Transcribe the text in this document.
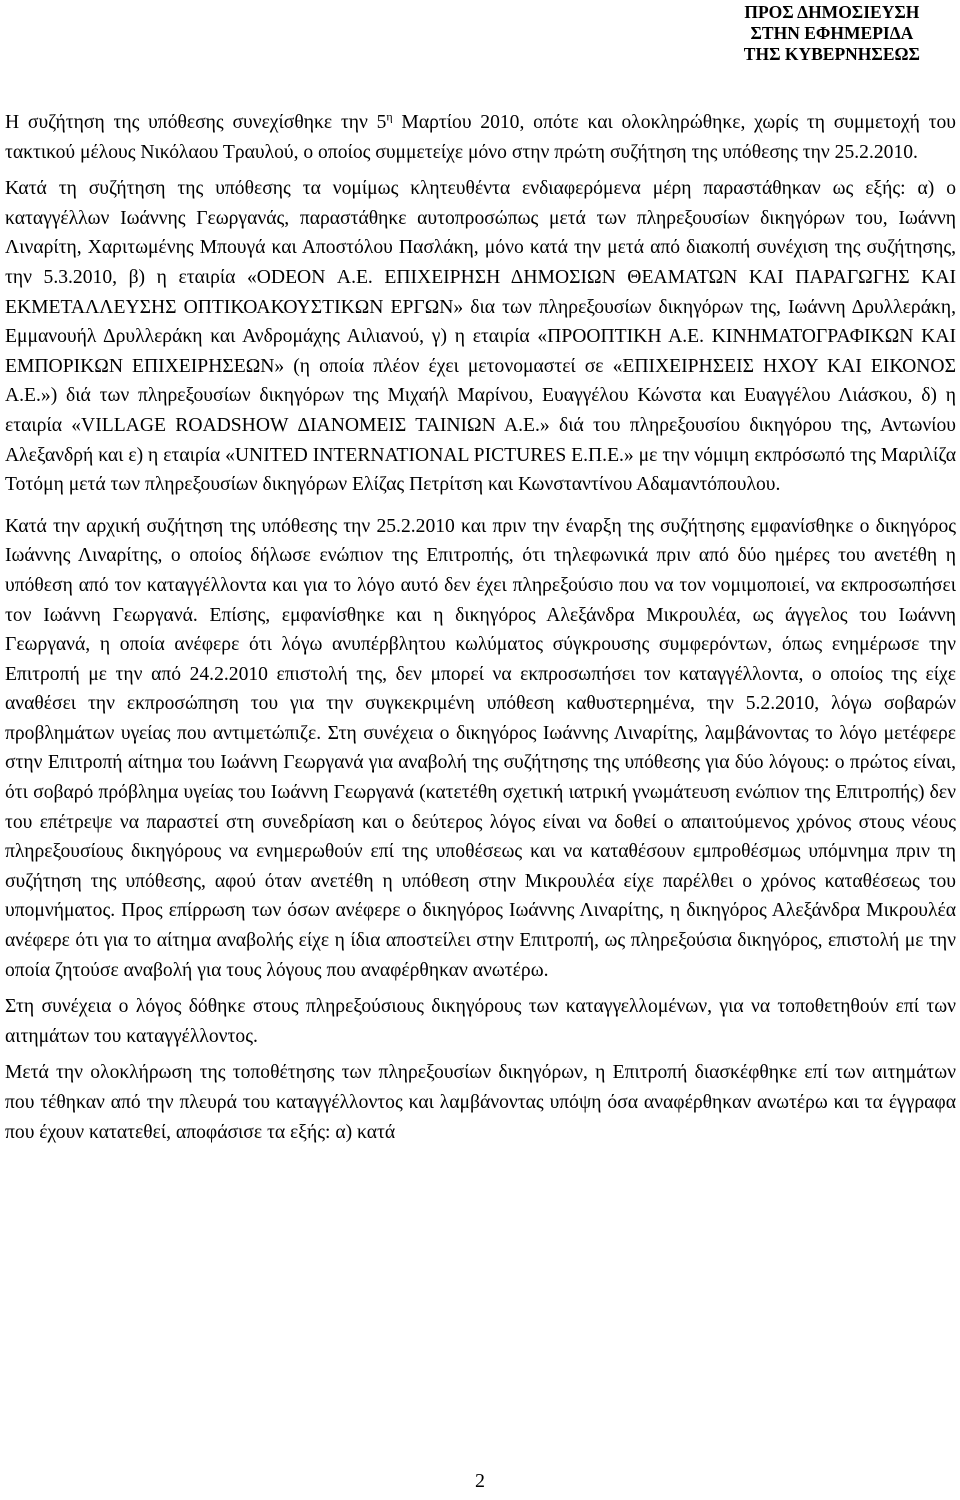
ΠΡΟΣ ΔΗΜΟΣΙΕΥΣΗ
ΣΤΗΝ ΕΦΗΜΕΡΙΔΑ
ΤΗΣ ΚΥΒΕΡΝΗΣΕΩΣ

Η συζήτηση της υπόθεσης συνεχίσθηκε την $5^\eta$ Μαρτίου 2010, οπότε και ολοκληρώθηκε, χωρίς τη συμμετοχή του τακτικού μέλους Νικόλαου Τραυλού, ο οποίος συμμετείχε μόνο στην πρώτη συζήτηση της υπόθεσης την 25.2.2010.

Κατά τη συζήτηση της υπόθεσης τα νομίμως κλητευθέντα ενδιαφερόμενα μέρη παραστάθηκαν ως εξής: α) ο καταγγέλλων Ιωάννης Γεωργανάς, παραστάθηκε αυτοπροσώπως μετά των πληρεξουσίων δικηγόρων του, Ιωάννη Λιναρίτη, Χαριτωμένης Μπουγά και Αποστόλου Πασλάκη, μόνο κατά την μετά από διακοπή συνέχιση της συζήτησης, την 5.3.2010, β) η εταιρία «ODEON Α.Ε. ΕΠΙΧΕΙΡΗΣΗ ΔΗΜΟΣΙΩΝ ΘΕΑΜΑΤΩΝ ΚΑΙ ΠΑΡΑΓΩΓΗΣ ΚΑΙ ΕΚΜΕΤΑΛΛΕΥΣΗΣ ΟΠΤΙΚΟΑΚΟΥΣΤΙΚΩΝ ΕΡΓΩΝ» δια των πληρεξουσίων δικηγόρων της, Ιωάννη Δρυλλεράκη, Εμμανουήλ Δρυλλεράκη και Ανδρομάχης Αιλιανού, γ) η εταιρία «ΠΡΟΟΠΤΙΚΗ Α.Ε. ΚΙΝΗΜΑΤΟΓΡΑΦΙΚΩΝ ΚΑΙ ΕΜΠΟΡΙΚΩΝ ΕΠΙΧΕΙΡΗΣΕΩΝ» (η οποία πλέον έχει μετονομαστεί σε «ΕΠΙΧΕΙΡΗΣΕΙΣ ΗΧΟΥ ΚΑΙ ΕΙΚΟΝΟΣ Α.Ε.») διά των πληρεξουσίων δικηγόρων της Μιχαήλ Μαρίνου, Ευαγγέλου Κώνστα και Ευαγγέλου Λιάσκου, δ) η εταιρία «VILLAGE ROADSHOW ΔΙΑΝΟΜΕΙΣ ΤΑΙΝΙΩΝ Α.Ε.» διά του πληρεξουσίου δικηγόρου της, Αντωνίου Αλεξανδρή και ε) η εταιρία «UNITED INTERNATIONAL PICTURES Ε.Π.Ε.» με την νόμιμη εκπρόσωπό της Μαριλίζα Τοτόμη μετά των πληρεξουσίων δικηγόρων Ελίζας Πετρίτση και Κωνσταντίνου Αδαμαντόπουλου.

Κατά την αρχική συζήτηση της υπόθεσης την 25.2.2010 και πριν την έναρξη της συζήτησης εμφανίσθηκε ο δικηγόρος Ιωάννης Λιναρίτης, ο οποίος δήλωσε ενώπιον της Επιτροπής, ότι τηλεφωνικά πριν από δύο ημέρες του ανετέθη η υπόθεση από τον καταγγέλλοντα και για το λόγο αυτό δεν έχει πληρεξούσιο που να τον νομιμοποιεί, να εκπροσωπήσει τον Ιωάννη Γεωργανά. Επίσης, εμφανίσθηκε και η δικηγόρος Αλεξάνδρα Μικρουλέα, ως άγγελος του Ιωάννη Γεωργανά, η οποία ανέφερε ότι λόγω ανυπέρβλητου κωλύματος σύγκρουσης συμφερόντων, όπως ενημέρωσε την Επιτροπή με την από 24.2.2010 επιστολή της, δεν μπορεί να εκπροσωπήσει τον καταγγέλλοντα, ο οποίος της είχε αναθέσει την εκπροσώπηση του για την συγκεκριμένη υπόθεση καθυστερημένα, την 5.2.2010, λόγω σοβαρών προβλημάτων υγείας που αντιμετώπιζε. Στη συνέχεια ο δικηγόρος Ιωάννης Λιναρίτης, λαμβάνοντας το λόγο μετέφερε στην Επιτροπή αίτημα του Ιωάννη Γεωργανά για αναβολή της συζήτησης της υπόθεσης για δύο λόγους: ο πρώτος είναι, ότι σοβαρό πρόβλημα υγείας του Ιωάννη Γεωργανά (κατετέθη σχετική ιατρική γνωμάτευση ενώπιον της Επιτροπής) δεν του επέτρεψε να παραστεί στη συνεδρίαση και ο δεύτερος λόγος είναι να δοθεί ο απαιτούμενος χρόνος στους νέους πληρεξουσίους δικηγόρους να ενημερωθούν επί της υποθέσεως και να καταθέσουν εμπροθέσμως υπόμνημα πριν τη συζήτηση της υπόθεσης, αφού όταν ανετέθη η υπόθεση στην Μικρουλέα είχε παρέλθει ο χρόνος καταθέσεως του υπομνήματος. Προς επίρρωση των όσων ανέφερε ο δικηγόρος Ιωάννης Λιναρίτης, η δικηγόρος Αλεξάνδρα Μικρουλέα ανέφερε ότι για το αίτημα αναβολής είχε η ίδια αποστείλει στην Επιτροπή, ως πληρεξούσια δικηγόρος, επιστολή με την οποία ζητούσε αναβολή για τους λόγους που αναφέρθηκαν ανωτέρω.

Στη συνέχεια ο λόγος δόθηκε στους πληρεξούσιους δικηγόρους των καταγγελλομένων, για να τοποθετηθούν επί των αιτημάτων του καταγγέλλοντος.

Μετά την ολοκλήρωση της τοποθέτησης των πληρεξουσίων δικηγόρων, η Επιτροπή διασκέφθηκε επί των αιτημάτων που τέθηκαν από την πλευρά του καταγγέλλοντος και λαμβάνοντας υπόψη όσα αναφέρθηκαν ανωτέρω και τα έγγραφα που έχουν κατατεθεί, αποφάσισε τα εξής: α) κατά

2
